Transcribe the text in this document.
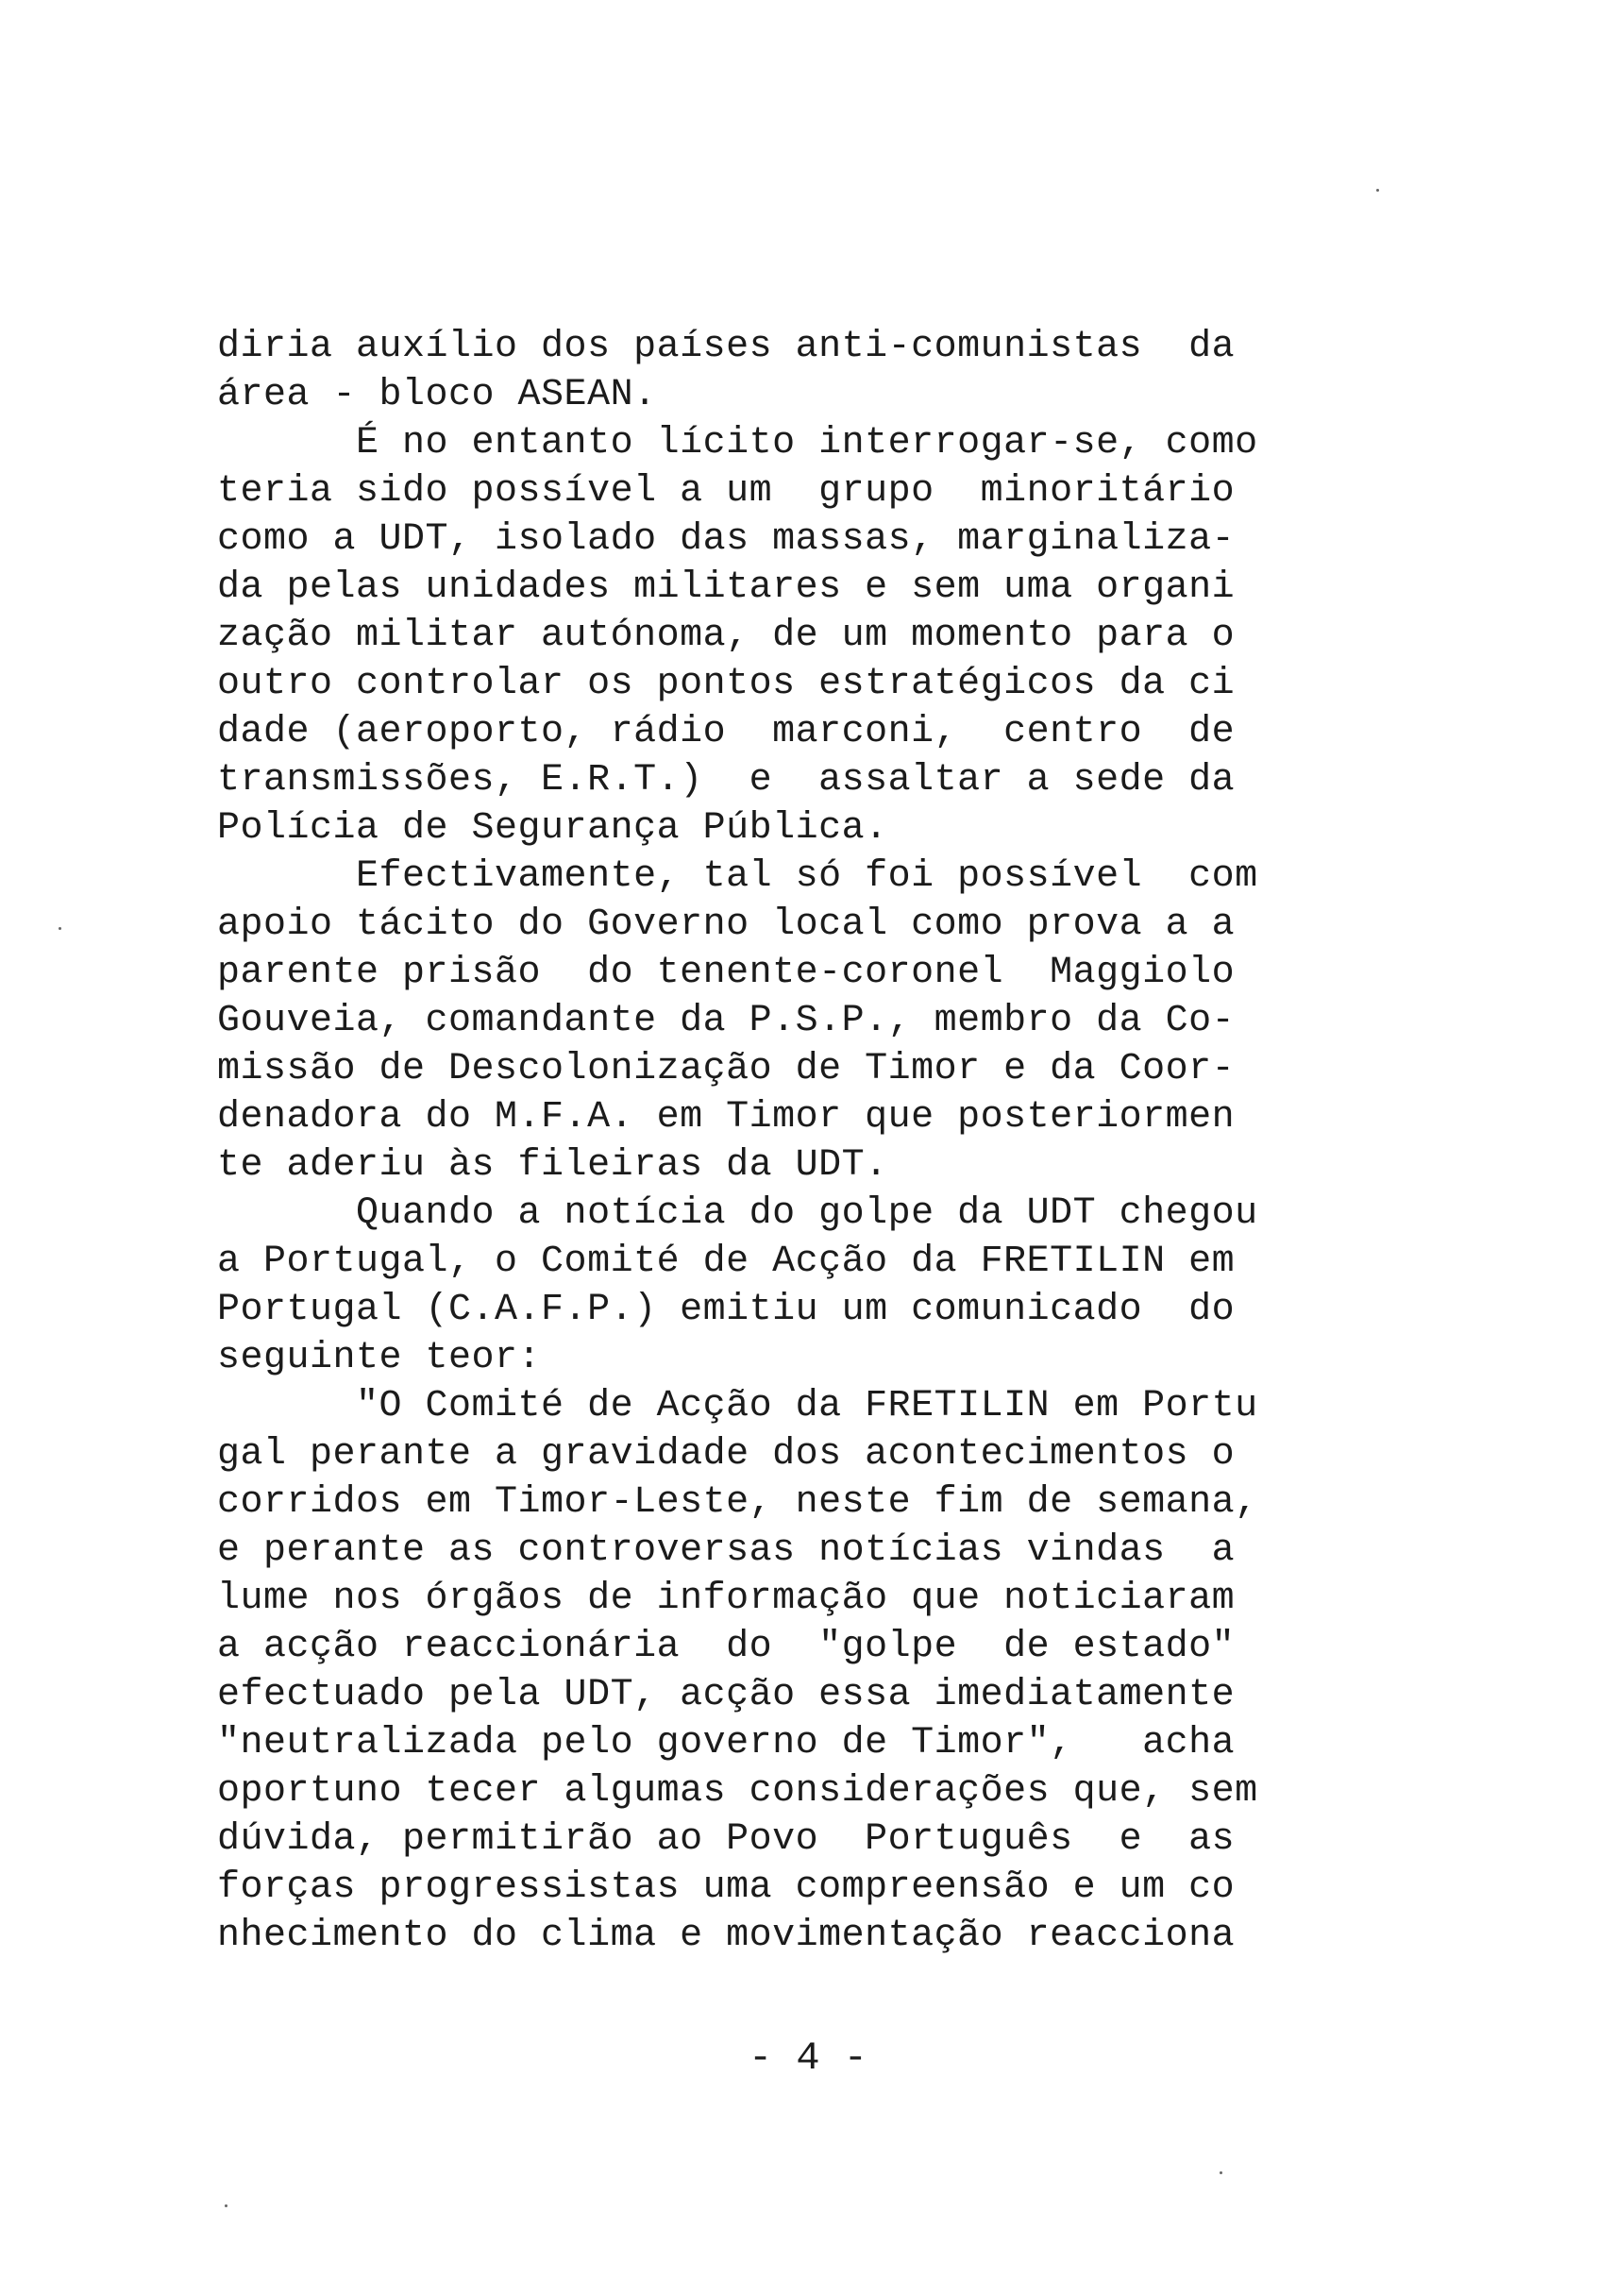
diria auxílio dos países anti-comunistas  da
área - bloco ASEAN.
É no entanto lícito interrogar-se, como
teria sido possível a um  grupo  minoritário
como a UDT, isolado das massas, marginaliza-
da pelas unidades militares e sem uma organi
zação militar autónoma, de um momento para o
outro controlar os pontos estratégicos da ci
dade (aeroporto, rádio  marconi,  centro  de
transmissões, E.R.T.)  e  assaltar a sede da
Polícia de Segurança Pública.
Efectivamente, tal só foi possível  com
apoio tácito do Governo local como prova a a
parente prisão  do tenente-coronel  Maggiolo
Gouveia, comandante da P.S.P., membro da Co-
missão de Descolonização de Timor e da Coor-
denadora do M.F.A. em Timor que posteriormen
te aderiu às fileiras da UDT.
Quando a notícia do golpe da UDT chegou
a Portugal, o Comité de Acção da FRETILIN em
Portugal (C.A.F.P.) emitiu um comunicado  do
seguinte teor:
"O Comité de Acção da FRETILIN em Portu
gal perante a gravidade dos acontecimentos o
corridos em Timor-Leste, neste fim de semana,
e perante as controversas notícias vindas  a
lume nos órgãos de informação que noticiaram
a acção reaccionária  do  "golpe  de estado"
efectuado pela UDT, acção essa imediatamente
"neutralizada pelo governo de Timor",   acha
oportuno tecer algumas considerações que, sem
dúvida, permitirão ao Povo  Português  e  as
forças progressistas uma compreensão e um co
nhecimento do clima e movimentação reacciona
- 4 -
